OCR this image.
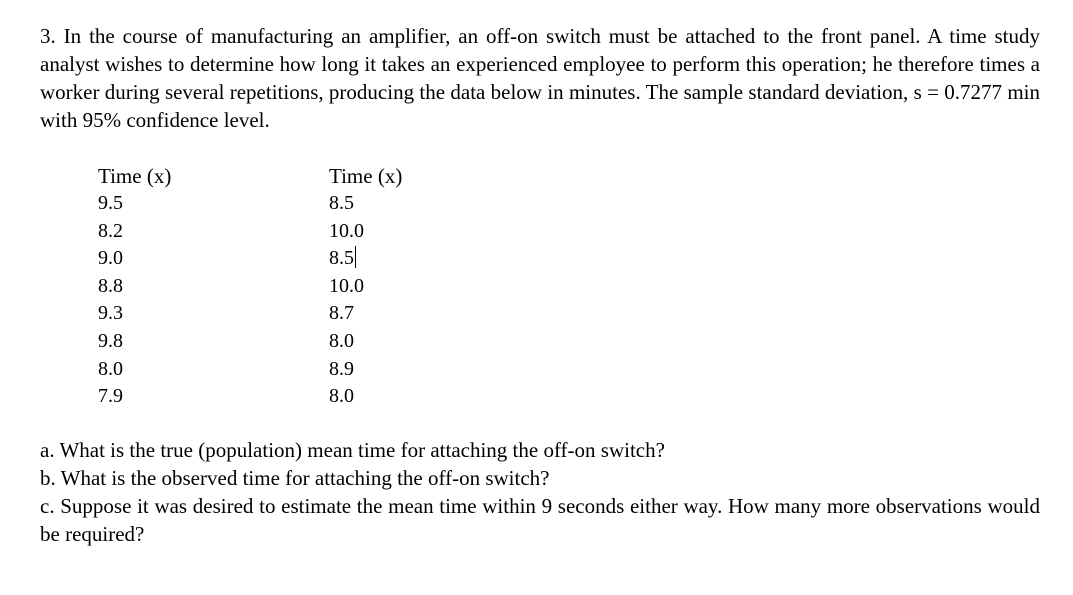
3. In the course of manufacturing an amplifier, an off-on switch must be attached to the front panel. A time study analyst wishes to determine how long it takes an experienced employee to perform this operation; he therefore times a worker during several repetitions, producing the data below in minutes. The sample standard deviation, s = 0.7277 min with 95% confidence level.

Time (x)
9.5
8.2
9.0
8.8
9.3
9.8
8.0
7.9
Time (x)
8.5
10.0
8.5
10.0
8.7
8.0
8.9
8.0

a. What is the true (population) mean time for attaching the off-on switch?

b. What is the observed time for attaching the off-on switch?

c. Suppose it was desired to estimate the mean time within 9 seconds either way. How many more observations would be required?
